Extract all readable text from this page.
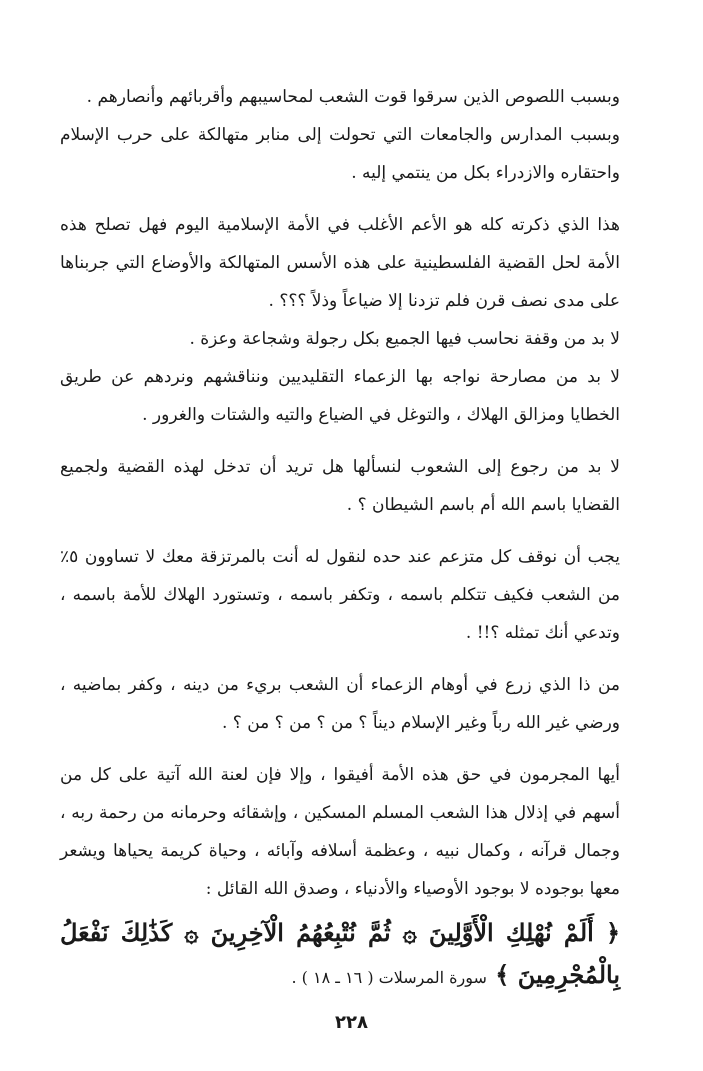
وبسبب اللصوص الذين سرقوا قوت الشعب لمحاسيبهم وأقربائهم وأنصارهم .

وبسبب المدارس والجامعات التي تحولت إلى منابر متهالكة على حرب الإسلام واحتقاره والازدراء بكل من ينتمي إليه .

هذا الذي ذكرته كله هو الأعم الأغلب في الأمة الإسلامية اليوم فهل تصلح هذه الأمة لحل القضية الفلسطينية على هذه الأسس المتهالكة والأوضاع التي جربناها على مدى نصف قرن فلم تزدنا إلا ضياعاً وذلاً ؟؟؟ .

لا بد من وقفة نحاسب فيها الجميع بكل رجولة وشجاعة وعزة .

لا بد من مصارحة نواجه بها الزعماء التقليديين ونناقشهم ونردهم عن طريق الخطايا ومزالق الهلاك ، والتوغل في الضياع والتيه والشتات والغرور .

لا بد من رجوع إلى الشعوب لنسألها هل تريد أن تدخل لهذه القضية ولجميع القضايا باسم الله أم باسم الشيطان ؟ .

يجب أن نوقف كل متزعم عند حده لنقول له أنت بالمرتزقة معك لا تساوون ٥٪ من الشعب فكيف تتكلم باسمه ، وتكفر باسمه ، وتستورد الهلاك للأمة باسمه ، وتدعي أنك تمثله ؟!! .

من ذا الذي زرع في أوهام الزعماء أن الشعب بريء من دينه ، وكفر بماضيه ، ورضي غير الله رباً وغير الإسلام ديناً ؟ من ؟ من ؟ من ؟ .

أيها المجرمون في حق هذه الأمة أفيقوا ، وإلا فإن لعنة الله آتية على كل من أسهم في إذلال هذا الشعب المسلم المسكين ، وإشقائه وحرمانه من رحمة ربه ، وجمال قرآنه ، وكمال نبيه ، وعظمة أسلافه وآبائه ، وحياة كريمة يحياها ويشعر معها بوجوده لا بوجود الأوصياء والأدنياء ، وصدق الله القائل :

﴿ أَلَمْ نُهْلِكِ الْأَوَّلِينَ ۞ ثُمَّ نُتْبِعُهُمُ الْآخِرِينَ ۞ كَذَٰلِكَ نَفْعَلُ بِالْمُجْرِمِينَ ﴾ سورة المرسلات ( ١٦ ـ ١٨ ) .

٢٢٨
